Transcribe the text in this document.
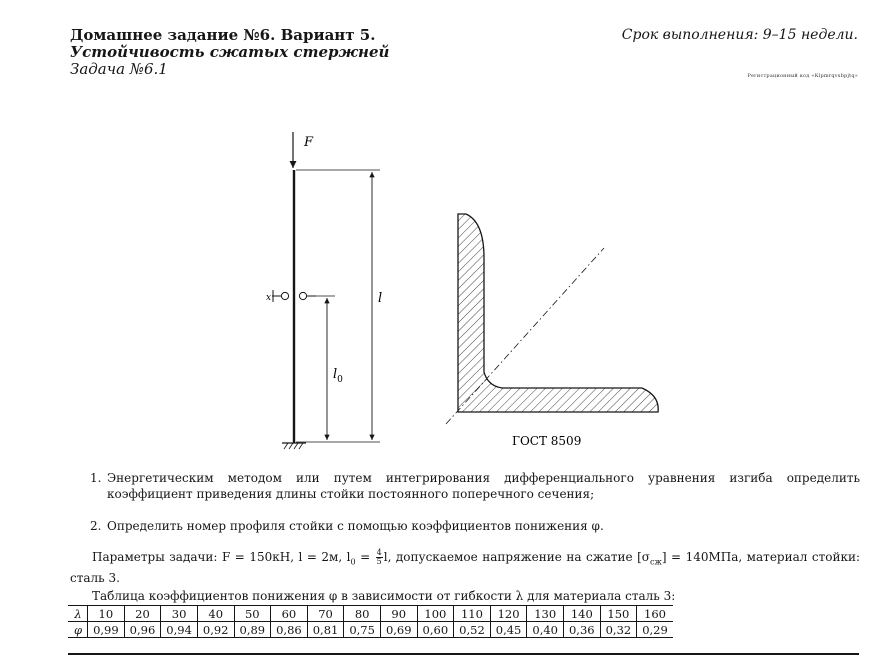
Домашнее задание №6. Вариант 5.
Устойчивость сжатых стержней
Задача №6.1
Срок выполнения: 9–15 недели.
Регистрационный код «Кlpmrqvsbpjtq»
F
x	l
$l_0$
ГОСТ 8509
1. Энергетическим методом или путем интегрирования дифференциального уравнения изгиба определить коэффициент приведения длины стойки постоянного поперечного сечения;
2. Определить номер профиля стойки с помощью коэффициентов понижения φ.
Параметры задачи: F = 150кН, l = 2м, $l_0 = \frac{4}{5} l$, допускаемое напряжение на сжатие $[\sigma_{сж}] = 140МПа$, материал стойки: сталь 3.
Таблица коэффициентов понижения φ в зависимости от гибкости λ для материала сталь 3:
λ	10	20	30	40	50	60	70	80	90	100	110	120	130	140	150	160
φ	0,99	0,96	0,94	0,92	0,89	0,86	0,81	0,75	0,69	0,60	0,52	0,45	0,40	0,36	0,32	0,29
